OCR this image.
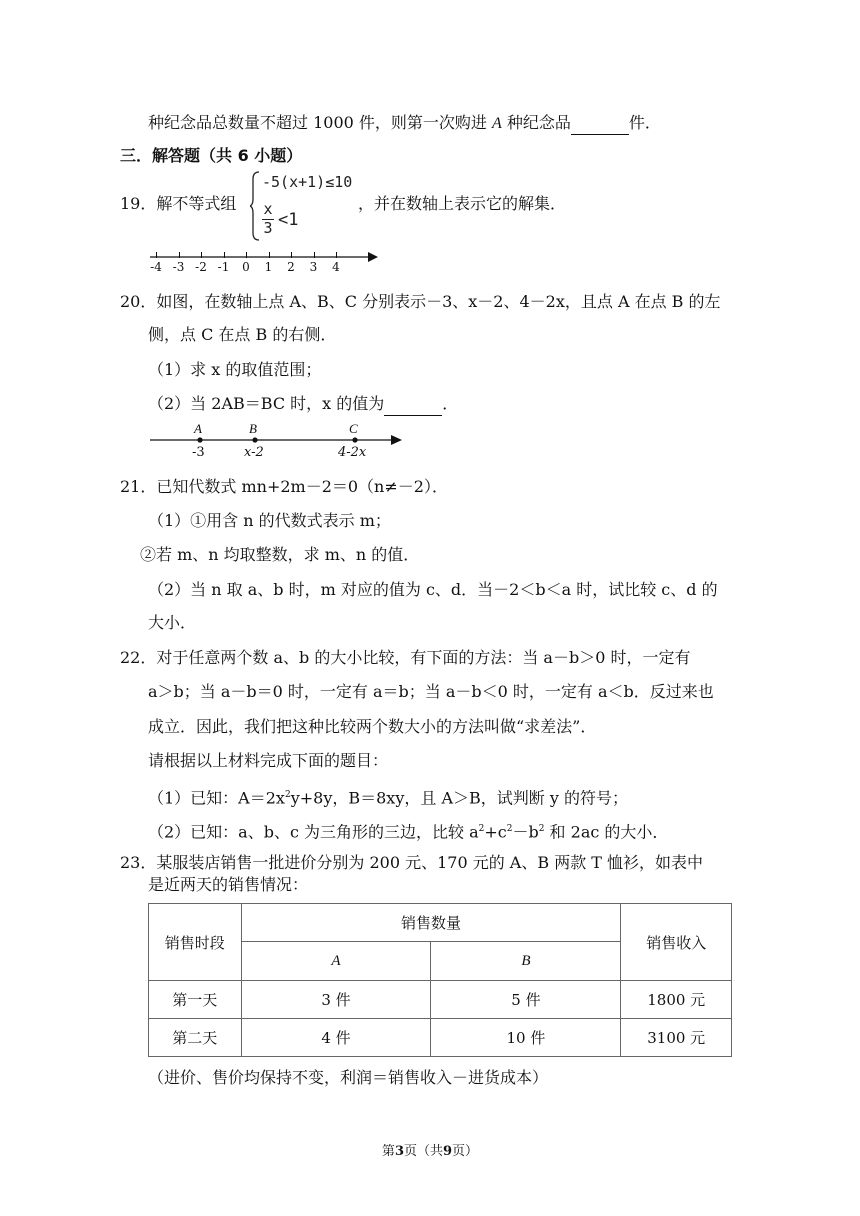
种纪念品总数量不超过 1000 件，则第一次购进 A 种纪念品	件．
三．解答题（共 6 小题）
19．解不等式组
-5(x+1)≤10
x
3 <1
，并在数轴上表示它的解集．
-4 -3 -2 -1	0	1	2	3	4
20．如图，在数轴上点 A、B、C 分别表示－3、x－2、4－2x，且点 A 在点 B 的左
侧，点 C 在点 B 的右侧．
（1）求 x 的取值范围；
（2）当 2AB＝BC 时，x 的值为	．
A	B	C
-3	x-2	4-2x
21．已知代数式 mn+2m－2＝0（n≠－2）．
（1）①用含 n 的代数式表示 m；
②若 m、n 均取整数，求 m、n 的值．
（2）当 n 取 a、b 时，m 对应的值为 c、d．当－2＜b＜a 时，试比较 c、d 的
大小．
22．对于任意两个数 a、b 的大小比较，有下面的方法：当 a－b＞0 时，一定有
a＞b；当 a－b＝0 时，一定有 a＝b；当 a－b＜0 时，一定有 a＜b．反过来也
成立．因此，我们把这种比较两个数大小的方法叫做“求差法”．
请根据以上材料完成下面的题目：
（1）已知：$A=2x^2y+8y$，B＝8xy，且 A＞B，试判断 y 的符号；
（2）已知：a、b、c 为三角形的三边，比较 $a^2+c^2-b^2$ 和 2ac 的大小．
23．某服装店销售一批进价分别为 200 元、170 元的 A、B 两款 T 恤衫，如表中
是近两天的销售情况：
销售时段	销售数量		销售收入
	A	B	
第一天	3 件	5 件	1800 元
第二天	4 件	10 件	3100 元
（进价、售价均保持不变，利润＝销售收入－进货成本）
第3页（共9页）
